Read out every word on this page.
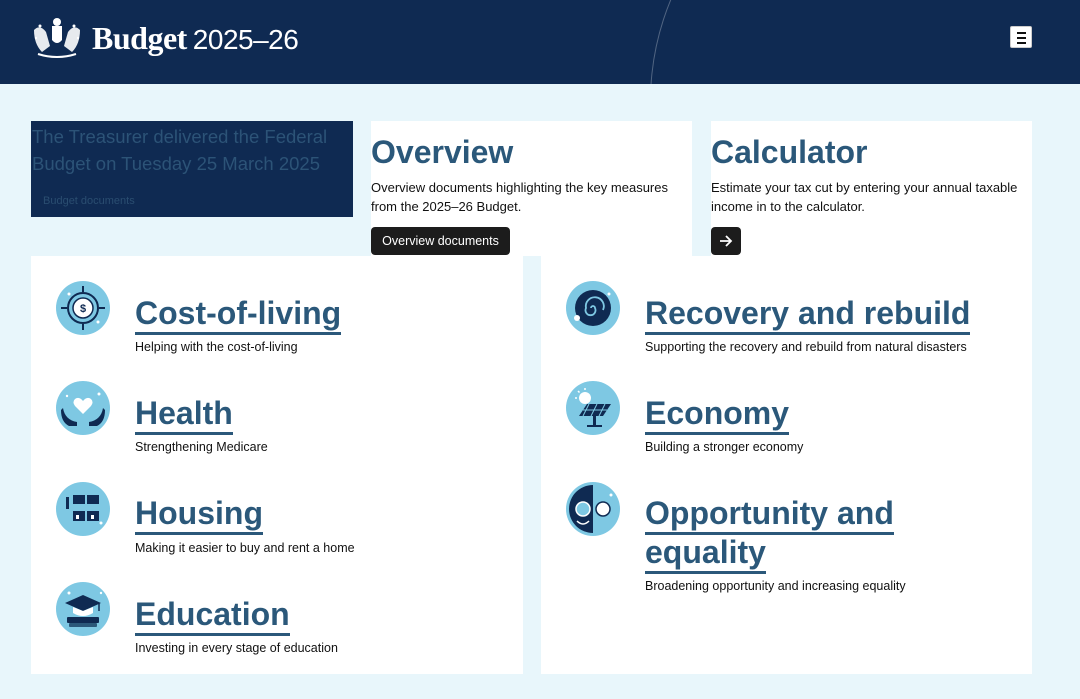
Budget 2025–26
The Treasurer delivered the Federal Budget on Tuesday 25 March 2025
Budget documents
Overview
Overview documents highlighting the key measures from the 2025–26 Budget.
Overview documents
Calculator
Estimate your tax cut by entering your annual taxable income in to the calculator.
$ Cost-of-living
Helping with the cost-of-living
Health
Strengthening Medicare
Housing
Making it easier to buy and rent a home
Education
Investing in every stage of education
Recovery and rebuild
Supporting the recovery and rebuild from natural disasters
Economy
Building a stronger economy
Opportunity and
equality
Broadening opportunity and increasing equality
